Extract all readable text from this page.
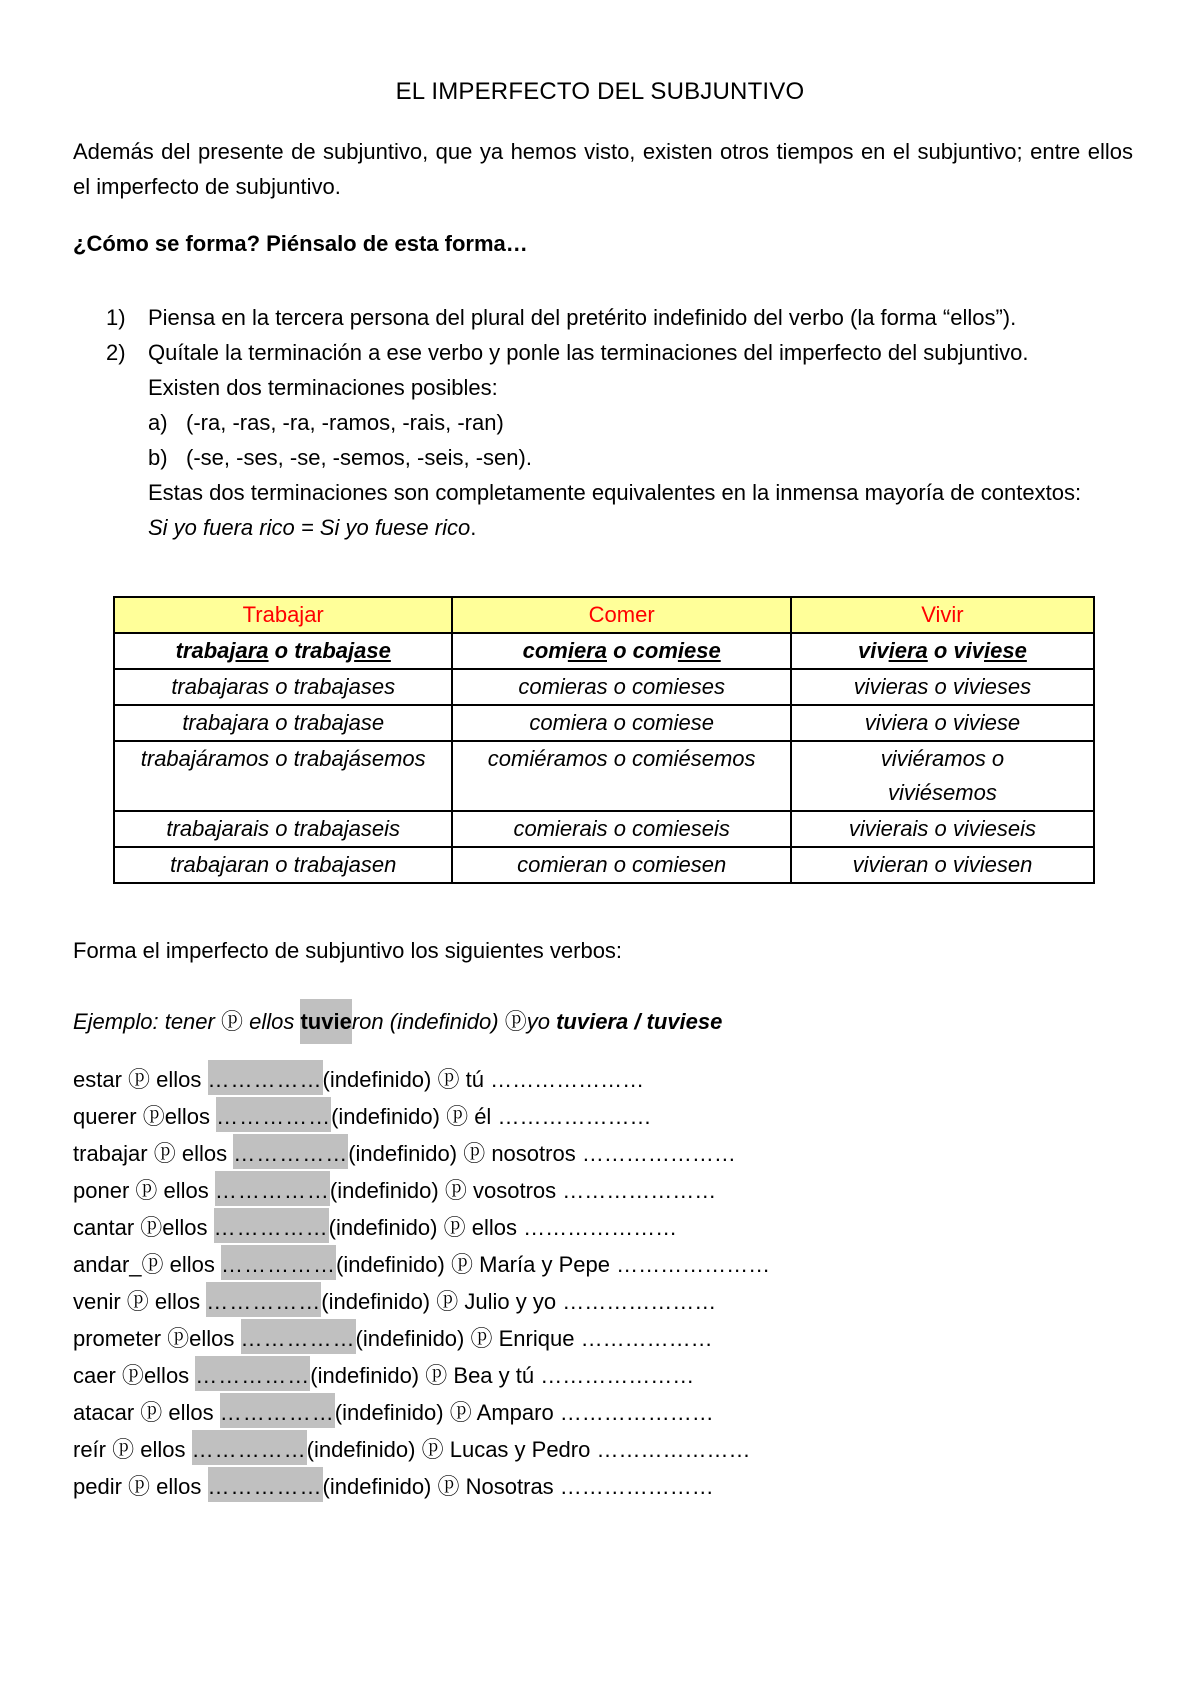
EL IMPERFECTO DEL SUBJUNTIVO
Además del presente de subjuntivo, que ya hemos visto, existen otros tiempos en el subjuntivo; entre ellos el imperfecto de subjuntivo.
¿Cómo se forma? Piénsalo de esta forma…
1) Piensa en la tercera persona del plural del pretérito indefinido del verbo (la forma “ellos”).
2) Quítale la terminación a ese verbo y ponle las terminaciones del imperfecto del subjuntivo. Existen dos terminaciones posibles:
a) (-ra, -ras, -ra, -ramos, -rais, -ran)
b) (-se, -ses, -se, -semos, -seis, -sen).
Estas dos terminaciones son completamente equivalentes en la inmensa mayoría de contextos: Si yo fuera rico = Si yo fuese rico.
Trabajar	Comer	Vivir
trabajara o trabajase	comiera o comiese	viviera o viviese
trabajaras o trabajases	comieras o comieses	vivieras o vivieses
trabajara o trabajase	comiera o comiese	viviera o viviese
trabajáramos o trabajásemos	comiéramos o comiésemos	viviéramos o viviésemos
trabajarais o trabajaseis	comierais o comieseis	vivierais o vivieseis
trabajaran o trabajasen	comieran o comiesen	vivieran o viviesen
Forma el imperfecto de subjuntivo los siguientes verbos:
Ejemplo: tener ⓟ ellos tuvieron (indefinido) ⓟyo tuviera / tuviese
estar ⓟ ellos ……………(indefinido) ⓟ tú …………………
querer ⓟellos ……………(indefinido) ⓟ él …………………
trabajar ⓟ ellos ……………(indefinido) ⓟ nosotros …………………
poner ⓟ ellos ……………(indefinido) ⓟ vosotros …………………
cantar ⓟellos ……………(indefinido) ⓟ ellos …………………
andar_ⓟ ellos ……………(indefinido) ⓟ María y Pepe …………………
venir ⓟ ellos ……………(indefinido) ⓟ Julio y yo …………………
prometer ⓟellos ……………(indefinido) ⓟ Enrique ………………
caer ⓟellos ……………(indefinido) ⓟ Bea y tú …………………
atacar ⓟ ellos ……………(indefinido) ⓟ Amparo …………………
reír ⓟ ellos ……………(indefinido) ⓟ Lucas y Pedro …………………
pedir ⓟ ellos ……………(indefinido) ⓟ Nosotras …………………
